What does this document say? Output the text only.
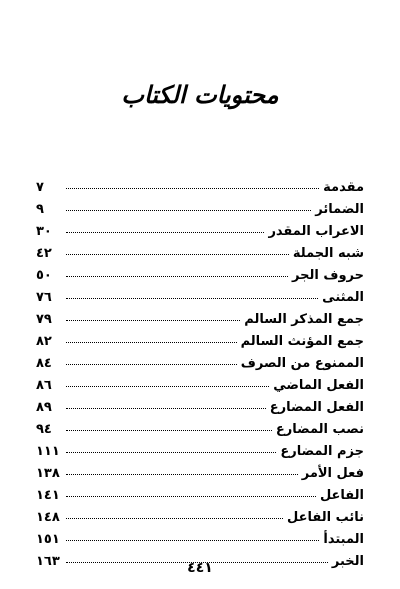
محتويات الكتاب
مقدمة
٧
الضمائر
٩
الاعراب المقدر
٣٠
شبه الجملة
٤٢
حروف الجر
٥٠
المثنى
٧٦
جمع المذكر السالم
٧٩
جمع المؤنث السالم
٨٢
الممنوع من الصرف
٨٤
الفعل الماضي
٨٦
الفعل المضارع
٨٩
نصب المضارع
٩٤
جزم المضارع
١١١
فعل الأمر
١٣٨
الفاعل
١٤١
نائب الفاعل
١٤٨
المبتدأ
١٥١
الخبر
١٦٣	٤٤١
